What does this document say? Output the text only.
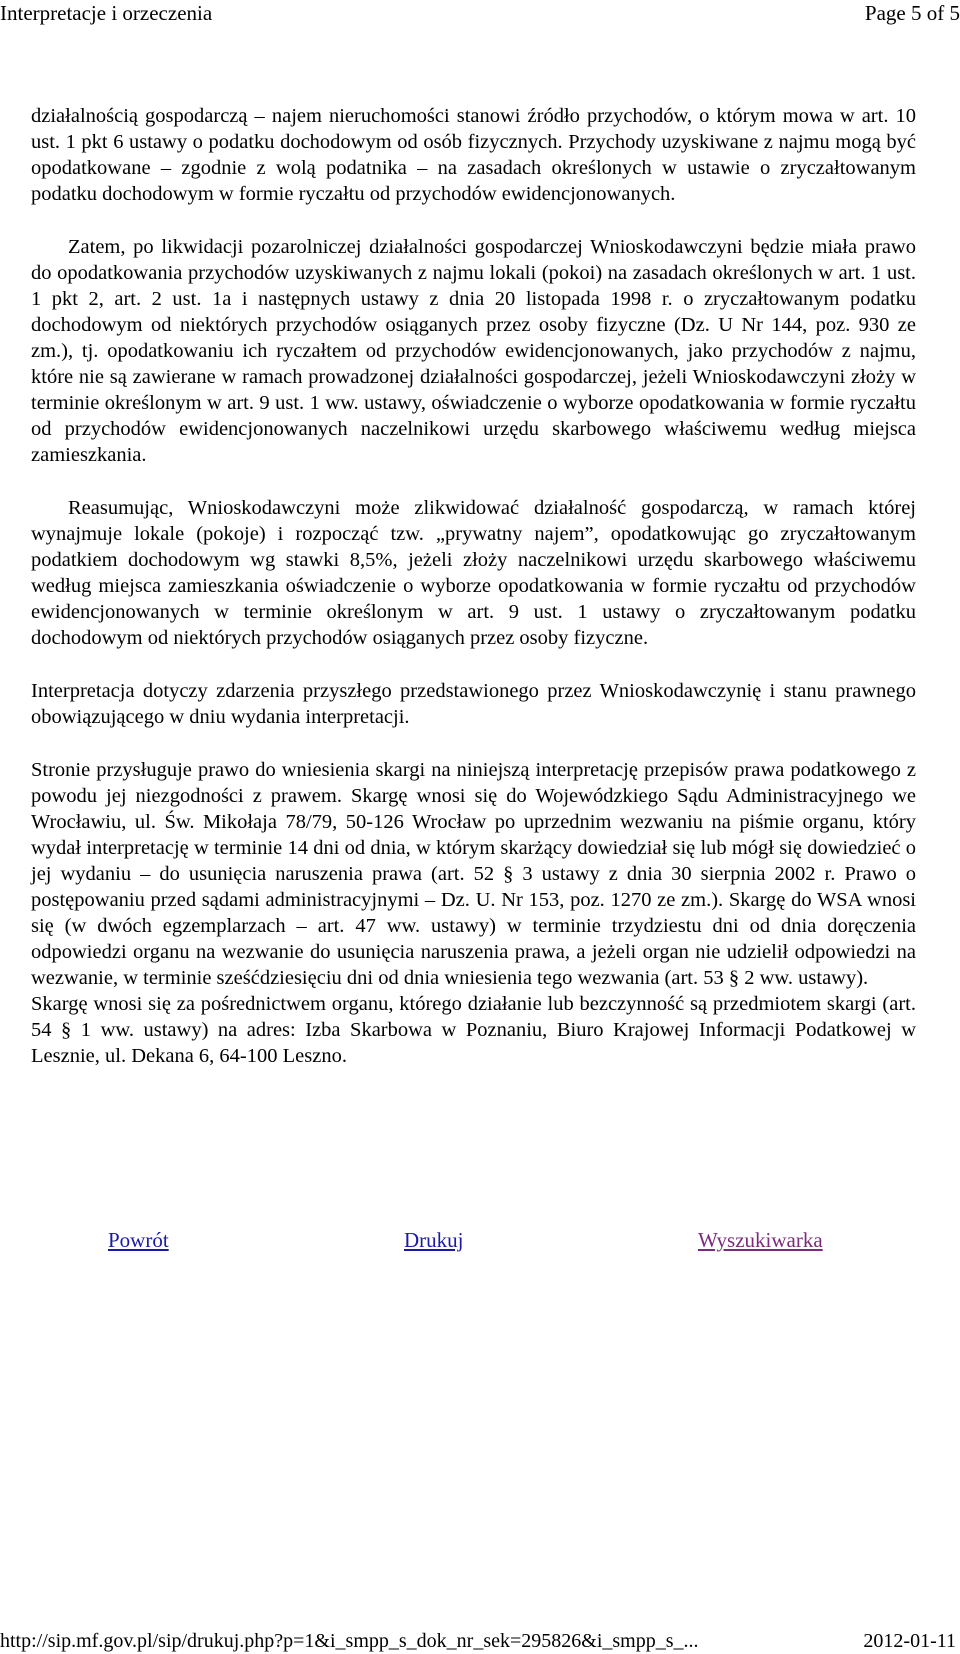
Interpretacje i orzeczenia	Page 5 of 5

działalnością gospodarczą – najem nieruchomości stanowi źródło przychodów, o którym mowa w art. 10 ust. 1 pkt 6 ustawy o podatku dochodowym od osób fizycznych. Przychody uzyskiwane z najmu mogą być opodatkowane – zgodnie z wolą podatnika – na zasadach określonych w ustawie o zryczałtowanym podatku dochodowym w formie ryczałtu od przychodów ewidencjonowanych.

Zatem, po likwidacji pozarolniczej działalności gospodarczej Wnioskodawczyni będzie miała prawo do opodatkowania przychodów uzyskiwanych z najmu lokali (pokoi) na zasadach określonych w art. 1 ust. 1 pkt 2, art. 2 ust. 1a i następnych ustawy z dnia 20 listopada 1998 r. o zryczałtowanym podatku dochodowym od niektórych przychodów osiąganych przez osoby fizyczne (Dz. U Nr 144, poz. 930 ze zm.), tj. opodatkowaniu ich ryczałtem od przychodów ewidencjonowanych, jako przychodów z najmu, które nie są zawierane w ramach prowadzonej działalności gospodarczej, jeżeli Wnioskodawczyni złoży w terminie określonym w art. 9 ust. 1 ww. ustawy, oświadczenie o wyborze opodatkowania w formie ryczałtu od przychodów ewidencjonowanych naczelnikowi urzędu skarbowego właściwemu według miejsca zamieszkania.

Reasumując, Wnioskodawczyni może zlikwidować działalność gospodarczą, w ramach której wynajmuje lokale (pokoje) i rozpocząć tzw. „prywatny najem”, opodatkowując go zryczałtowanym podatkiem dochodowym wg stawki 8,5%, jeżeli złoży naczelnikowi urzędu skarbowego właściwemu według miejsca zamieszkania oświadczenie o wyborze opodatkowania w formie ryczałtu od przychodów ewidencjonowanych w terminie określonym w art. 9 ust. 1 ustawy o zryczałtowanym podatku dochodowym od niektórych przychodów osiąganych przez osoby fizyczne.

Interpretacja dotyczy zdarzenia przyszłego przedstawionego przez Wnioskodawczynię i stanu prawnego obowiązującego w dniu wydania interpretacji.

Stronie przysługuje prawo do wniesienia skargi na niniejszą interpretację przepisów prawa podatkowego z powodu jej niezgodności z prawem. Skargę wnosi się do Wojewódzkiego Sądu Administracyjnego we Wrocławiu, ul. Św. Mikołaja 78/79, 50-126 Wrocław po uprzednim wezwaniu na piśmie organu, który wydał interpretację w terminie 14 dni od dnia, w którym skarżący dowiedział się lub mógł się dowiedzieć o jej wydaniu – do usunięcia naruszenia prawa (art. 52 § 3 ustawy z dnia 30 sierpnia 2002 r. Prawo o postępowaniu przed sądami administracyjnymi – Dz. U. Nr 153, poz. 1270 ze zm.). Skargę do WSA wnosi się (w dwóch egzemplarzach – art. 47 ww. ustawy) w terminie trzydziestu dni od dnia doręczenia odpowiedzi organu na wezwanie do usunięcia naruszenia prawa, a jeżeli organ nie udzielił odpowiedzi na wezwanie, w terminie sześćdziesięciu dni od dnia wniesienia tego wezwania (art. 53 § 2 ww. ustawy).

Skargę wnosi się za pośrednictwem organu, którego działanie lub bezczynność są przedmiotem skargi (art. 54 § 1 ww. ustawy) na adres: Izba Skarbowa w Poznaniu, Biuro Krajowej Informacji Podatkowej w Lesznie, ul. Dekana 6, 64-100 Leszno.

Powrót	Drukuj	Wyszukiwarka
http://sip.mf.gov.pl/sip/drukuj.php?p=1&i_smpp_s_dok_nr_sek=295826&i_smpp_s_...	2012-01-11
